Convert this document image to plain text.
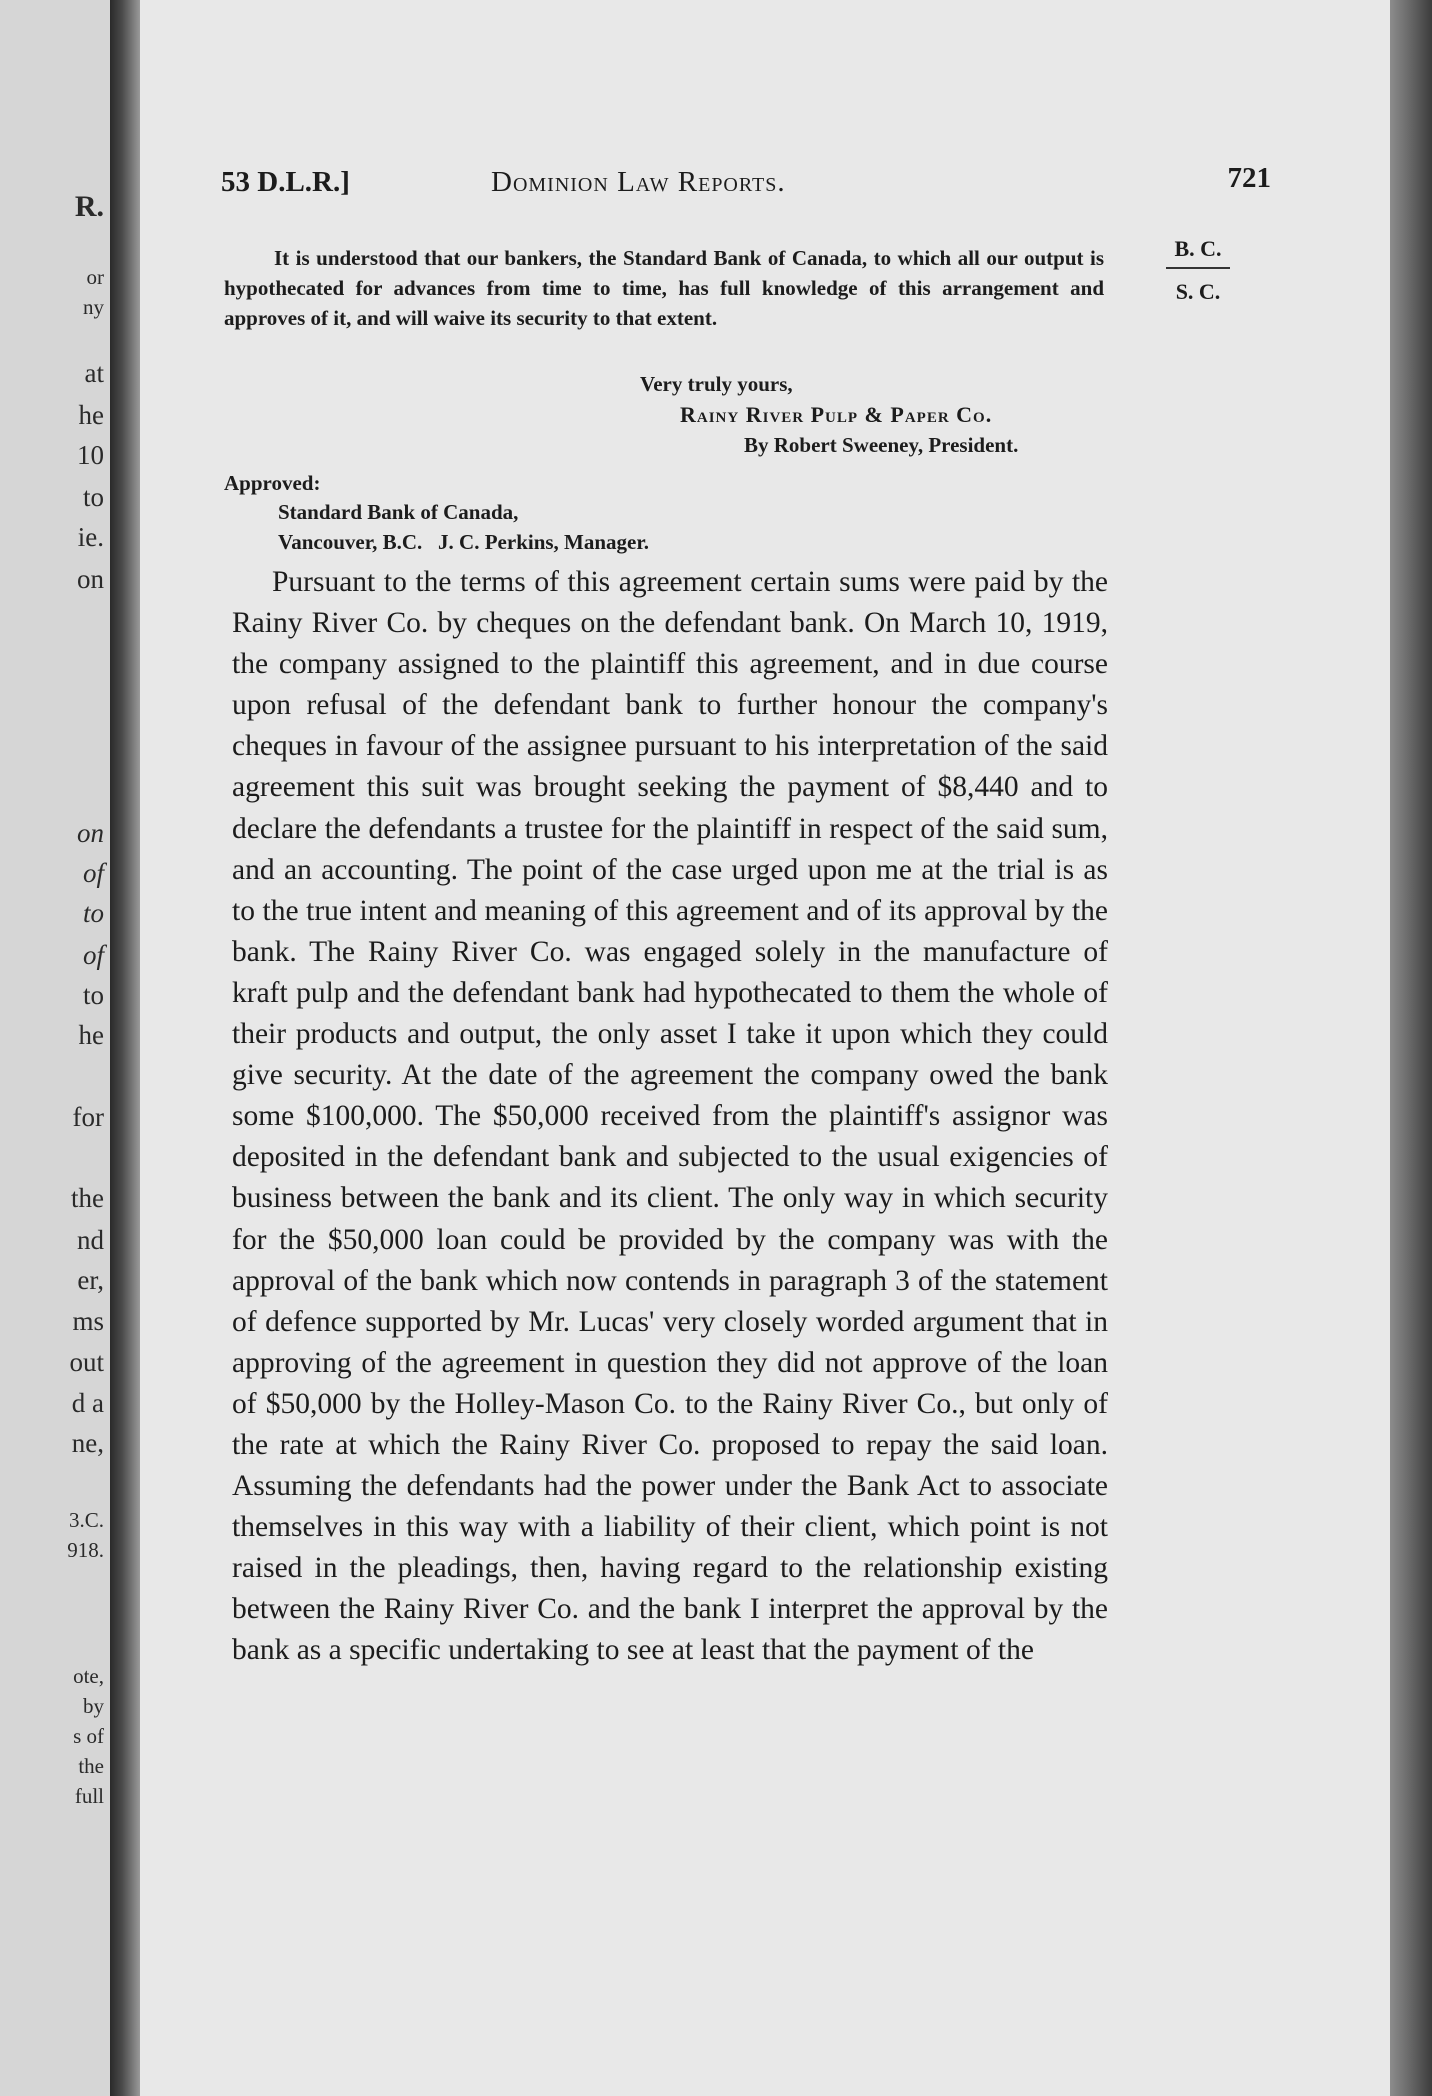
R.
or
ny
at
he
10
to
ie.
on
on
of
to
of
to
he
for
the
nd
er,
ms
out
d a
ne,
3.C.
918.
ote,
by
s of
the
full
53 D.L.R.]	Dominion Law Reports.	721
B. C.
S. C.

It is understood that our bankers, the Standard Bank of Canada, to which all our output is hypothecated for advances from time to time, has full knowledge of this arrangement and approves of it, and will waive its security to that extent.

Very truly yours,
Rainy River Pulp & Paper Co.
By Robert Sweeney, President.
Approved:
Standard Bank of Canada,
Vancouver, B.C.   J. C. Perkins, Manager.

Pursuant to the terms of this agreement certain sums were paid by the Rainy River Co. by cheques on the defendant bank. On March 10, 1919, the company assigned to the plaintiff this agreement, and in due course upon refusal of the defendant bank to further honour the company's cheques in favour of the assignee pursuant to his interpretation of the said agreement this suit was brought seeking the payment of $8,440 and to declare the defendants a trustee for the plaintiff in respect of the said sum, and an accounting. The point of the case urged upon me at the trial is as to the true intent and meaning of this agreement and of its approval by the bank. The Rainy River Co. was engaged solely in the manufacture of kraft pulp and the defendant bank had hypothecated to them the whole of their products and output, the only asset I take it upon which they could give security. At the date of the agreement the company owed the bank some $100,000. The $50,000 received from the plaintiff's assignor was deposited in the defendant bank and subjected to the usual exigencies of business between the bank and its client. The only way in which security for the $50,000 loan could be provided by the company was with the approval of the bank which now contends in paragraph 3 of the statement of defence supported by Mr. Lucas' very closely worded argument that in approving of the agreement in question they did not approve of the loan of $50,000 by the Holley-Mason Co. to the Rainy River Co., but only of the rate at which the Rainy River Co. proposed to repay the said loan. Assuming the defendants had the power under the Bank Act to associate themselves in this way with a liability of their client, which point is not raised in the pleadings, then, having regard to the relationship existing between the Rainy River Co. and the bank I interpret the approval by the bank as a specific undertaking to see at least that the payment of the
